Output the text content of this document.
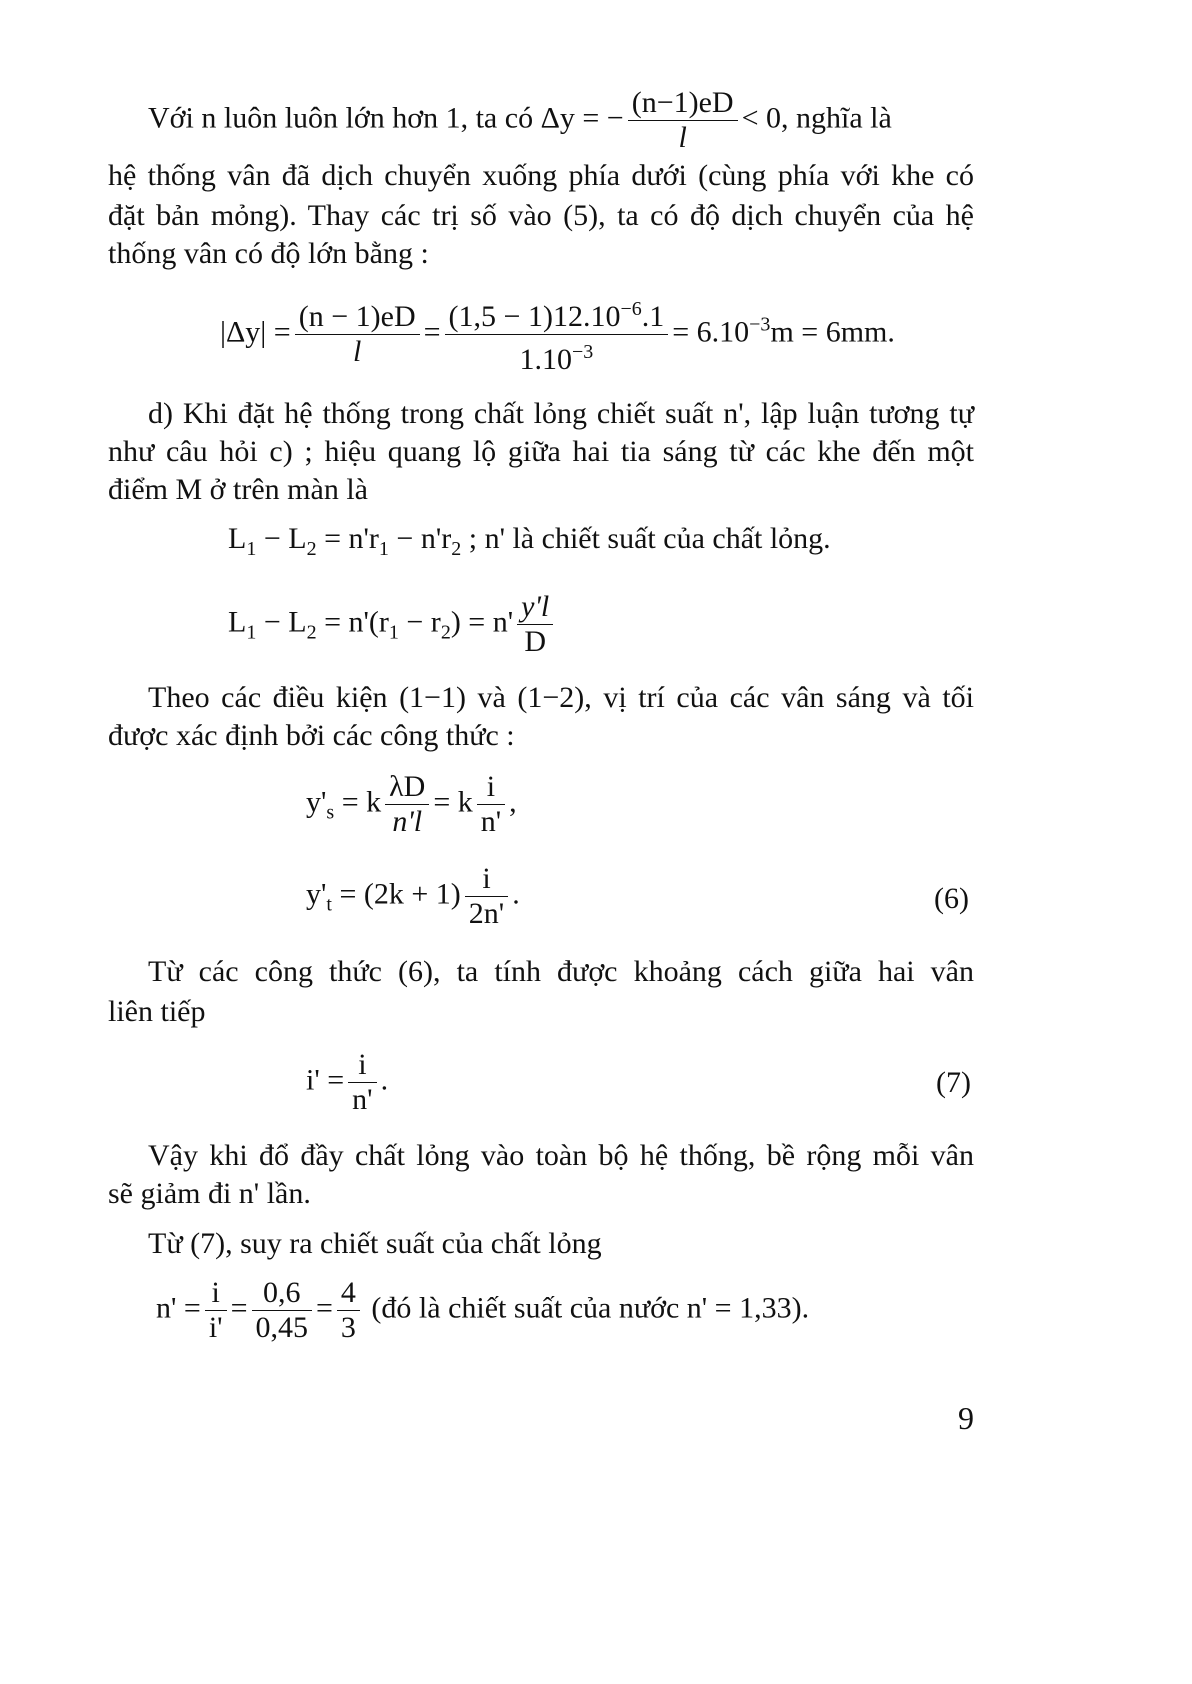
Với n luôn luôn lớn hơn 1, ta có Δy = − $\frac{(n-1)eD}{l} < 0$, nghĩa là
hệ thống vân đã dịch chuyển xuống phía dưới (cùng phía với khe có
đặt bản mỏng). Thay các trị số vào (5), ta có độ dịch chuyển của hệ
thống vân có độ lớn bằng :
$|\Delta y| = \frac{(n - 1)eD}{l} = \frac{(1,5 - 1)12.10^{-6}.1}{1.10^{-3}} = 6.10^{-3}m = 6mm$.
d) Khi đặt hệ thống trong chất lỏng chiết suất n', lập luận tương tự
như câu hỏi c) ; hiệu quang lộ giữa hai tia sáng từ các khe đến một
điểm M ở trên màn là
$L_1 - L_2 = n'r_1 - n'r_2$ ; n' là chiết suất của chất lỏng.
$L_1 - L_2 = n'(r_1 - r_2) = n' \frac{y'l}{D}$
Theo các điều kiện (1−1) và (1−2), vị trí của các vân sáng và tối
được xác định bởi các công thức :
$y'_s = k \frac{\lambda D}{n'l} = k \frac{i}{n'}$ ,
$y'_t = (2k + 1) \frac{i}{2n'}$ .	(6)
Từ các công thức (6), ta tính được khoảng cách giữa hai vân
liên tiếp
$i' = \frac{i}{n'}$ .	(7)
Vậy khi đổ đầy chất lỏng vào toàn bộ hệ thống, bề rộng mỗi vân
sẽ giảm đi n' lần.
Từ (7), suy ra chiết suất của chất lỏng
$n' = \frac{i}{i'} = \frac{0,6}{0,45} = \frac{4}{3}$ (đó là chiết suất của nước n' = 1,33).
9
